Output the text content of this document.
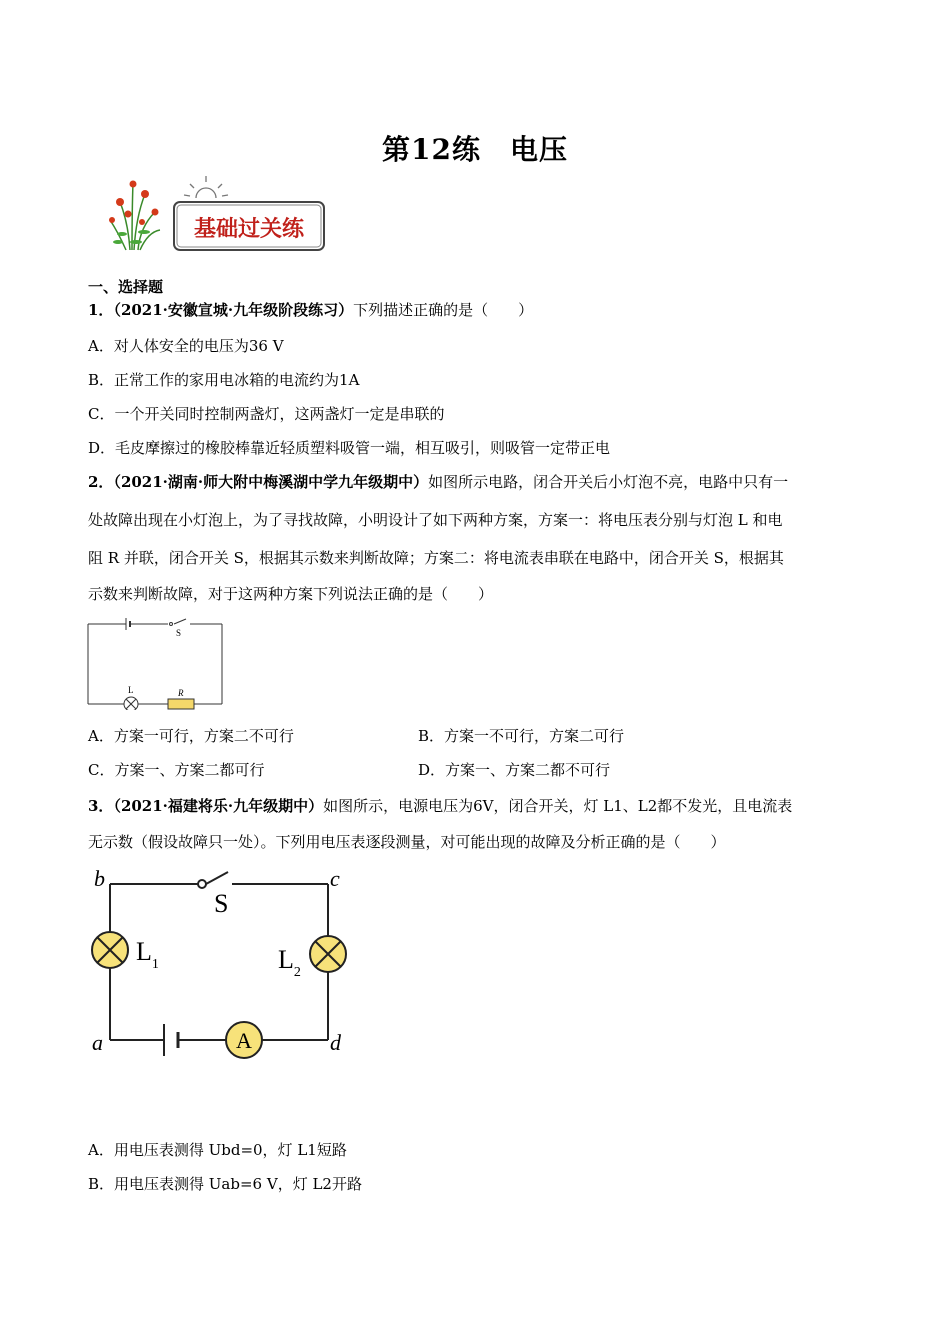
第12练　电压
基础过关练
一、选择题
1．（2021·安徽宣城·九年级阶段练习）下列描述正确的是（　　）
A．对人体安全的电压为36 V
B．正常工作的家用电冰箱的电流约为1A
C．一个开关同时控制两盏灯，这两盏灯一定是串联的
D．毛皮摩擦过的橡胶棒靠近轻质塑料吸管一端，相互吸引，则吸管一定带正电
2．（2021·湖南·师大附中梅溪湖中学九年级期中）如图所示电路，闭合开关后小灯泡不亮，电路中只有一
处故障出现在小灯泡上，为了寻找故障，小明设计了如下两种方案，方案一：将电压表分别与灯泡 L 和电
阻 R 并联，闭合开关 S，根据其示数来判断故障；方案二：将电流表串联在电路中，闭合开关 S，根据其
示数来判断故障，对于这两种方案下列说法正确的是（　　）
S
L	R
A．方案一可行，方案二不可行	B．方案一不可行，方案二可行
C．方案一、方案二都可行	D．方案一、方案二都不可行
3．（2021·福建将乐·九年级期中）如图所示，电源电压为6V，闭合开关，灯 L1、L2都不发光，且电流表
无示数（假设故障只一处）。下列用电压表逐段测量，对可能出现的故障及分析正确的是（　　）
A
b	c
a	d
S
$L_1$	$L_2$
A．用电压表测得 Ubd=0，灯 L1短路
B．用电压表测得 Uab=6 V，灯 L2开路
